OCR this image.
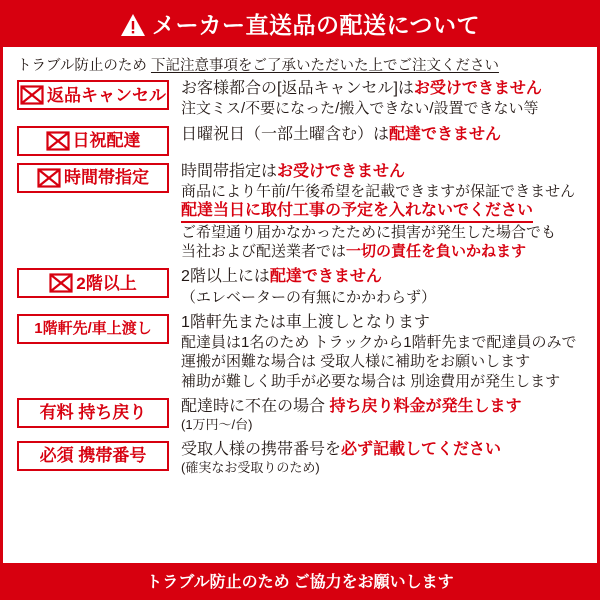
メーカー直送品の配送について
トラブル防止のため 下記注意事項をご了承いただいた上でご注文ください
返品キャンセル お客様都合の[返品キャンセル]はお受けできません
注文ミス/不要になった/搬入できない/設置できない等
日祝配達	日曜祝日（一部土曜含む）は配達できません
時間帯指定 時間帯指定はお受けできません
商品により午前/午後希望を記載できますが保証できません
配達当日に取付工事の予定を入れないでください
ご希望通り届かなかったために損害が発生した場合でも
当社および配送業者では一切の責任を負いかねます
2階以上	2階以上には配達できません
（エレベーターの有無にかかわらず）
1階軒先/車上渡し 1階軒先または車上渡しとなります
配達員は1名のため トラックから1階軒先まで配達員のみで
運搬が困難な場合は 受取人様に補助をお願いします
補助が難しく助手が必要な場合は 別途費用が発生します
有料 持ち戻り 配達時に不在の場合 持ち戻り料金が発生します
(1万円〜/台)
必須 携帯番号 受取人様の携帯番号を必ず記載してください
(確実なお受取りのため)
トラブル防止のため ご協力をお願いします
